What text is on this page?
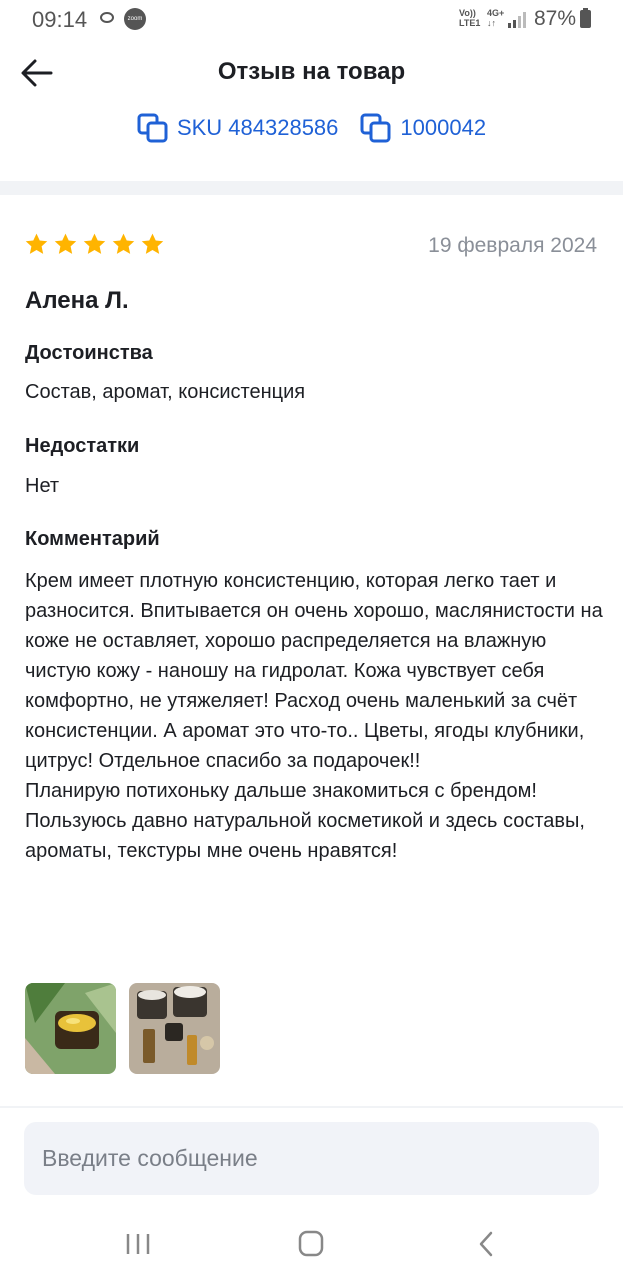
09:14	zoom
Vo))
LTE1
4G+
↓↑	87%
Отзыв на товар
SKU 484328586	1000042
19 февраля 2024
Алена Л.
Достоинства
Состав, аромат, консистенция
Недостатки
Нет
Комментарий
Крем имеет плотную консистенцию, которая легко тает и разносится. Впитывается он очень хорошо, маслянистости на коже не оставляет, хорошо распределяется на влажную чистую кожу - наношу на гидролат. Кожа чувствует себя комфортно, не утяжеляет! Расход очень маленький за счёт консистенции. А аромат это что-то.. Цветы, ягоды клубники, цитрус! Отдельное спасибо за подарочек!!
Планирую потихоньку дальше знакомиться с брендом! Пользуюсь давно натуральной косметикой и здесь составы, ароматы, текстуры мне очень нравятся!
Введите сообщение
